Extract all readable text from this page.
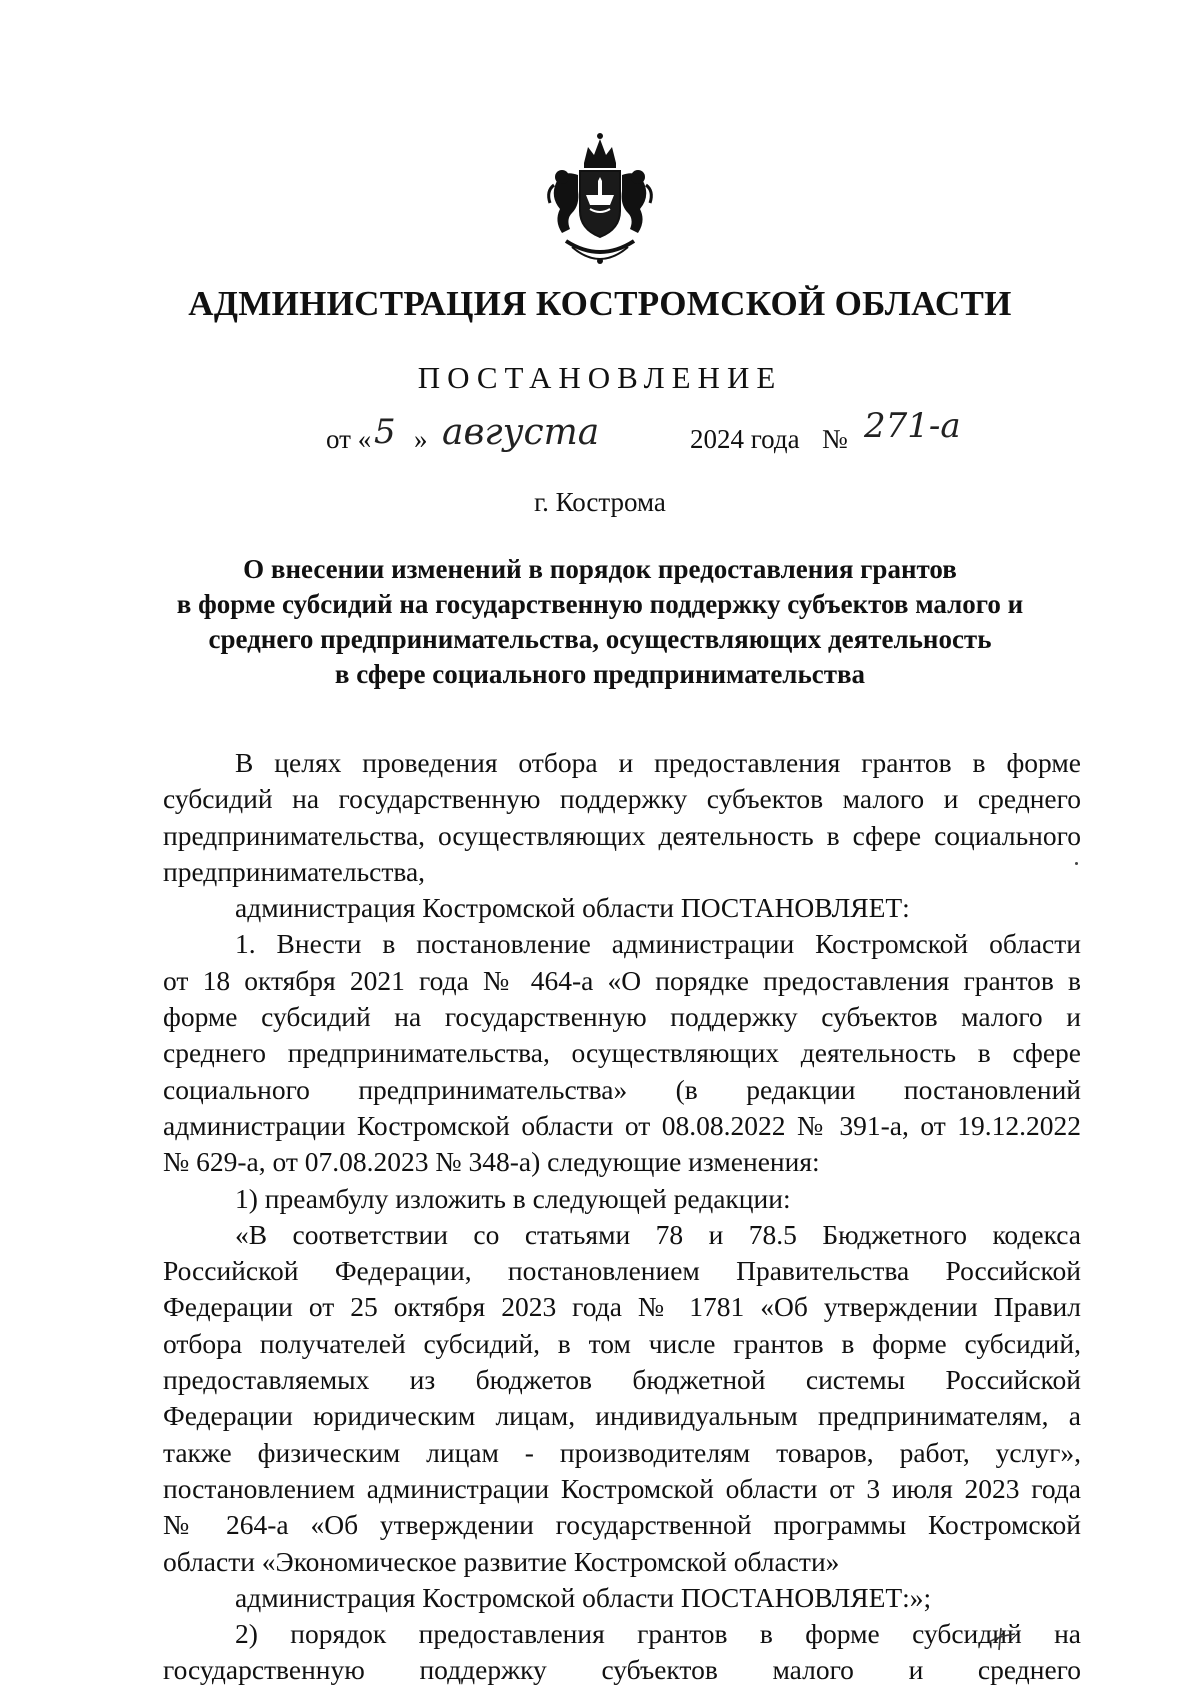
АДМИНИСТРАЦИЯ КОСТРОМСКОЙ ОБЛАСТИ
ПОСТАНОВЛЕНИЕ
от « 5 » августа	2024 года № 271-а
г. Кострома
О внесении изменений в порядок предоставления грантов
в форме субсидий на государственную поддержку субъектов малого и
среднего предпринимательства, осуществляющих деятельность
в сфере социального предпринимательства
В целях проведения отбора и предоставления грантов в форме
субсидий на государственную поддержку субъектов малого и среднего
предпринимательства, осуществляющих деятельность в сфере социального
предпринимательства,
администрация Костромской области ПОСТАНОВЛЯЕТ:
1. Внести в постановление администрации Костромской области
от 18 октября 2021 года № 464-а «О порядке предоставления грантов в
форме субсидий на государственную поддержку субъектов малого и
среднего предпринимательства, осуществляющих деятельность в сфере
социального предпринимательства» (в редакции постановлений
администрации Костромской области от 08.08.2022 № 391-а, от 19.12.2022
№ 629-а, от 07.08.2023 № 348-а) следующие изменения:
1) преамбулу изложить в следующей редакции:
«В соответствии со статьями 78 и 78.5 Бюджетного кодекса
Российской Федерации, постановлением Правительства Российской
Федерации от 25 октября 2023 года № 1781 «Об утверждении Правил
отбора получателей субсидий, в том числе грантов в форме субсидий,
предоставляемых из бюджетов бюджетной системы Российской
Федерации юридическим лицам, индивидуальным предпринимателям, а
также физическим лицам - производителям товаров, работ, услуг»,
постановлением администрации Костромской области от 3 июля 2023 года
№ 264-а «Об утверждении государственной программы Костромской
области «Экономическое развитие Костромской области»
администрация Костромской области ПОСТАНОВЛЯЕТ:»;
2) порядок предоставления грантов в форме субсидий на
государственную поддержку субъектов малого и среднего
